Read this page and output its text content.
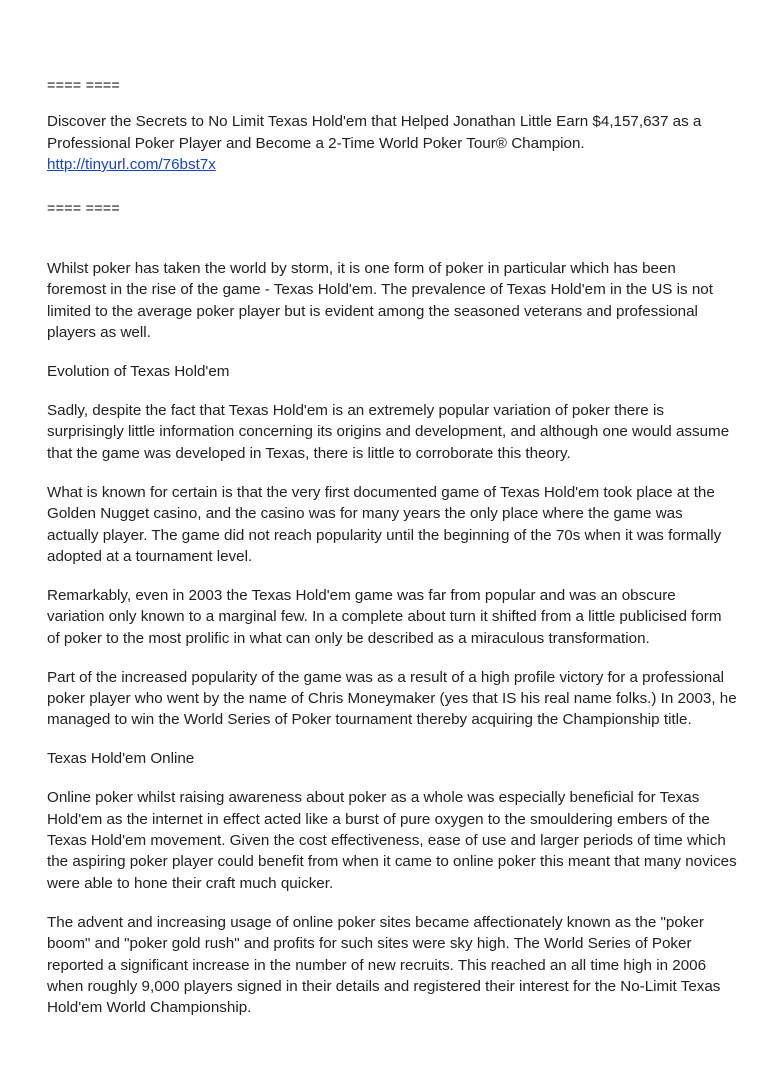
==== ====

Discover the Secrets to No Limit Texas Hold'em that Helped Jonathan Little Earn $4,157,637 as a Professional Poker Player and Become a 2-Time World Poker Tour® Champion.
http://tinyurl.com/76bst7x

==== ====

Whilst poker has taken the world by storm, it is one form of poker in particular which has been foremost in the rise of the game - Texas Hold'em. The prevalence of Texas Hold'em in the US is not limited to the average poker player but is evident among the seasoned veterans and professional players as well.

Evolution of Texas Hold'em

Sadly, despite the fact that Texas Hold'em is an extremely popular variation of poker there is surprisingly little information concerning its origins and development, and although one would assume that the game was developed in Texas, there is little to corroborate this theory.

What is known for certain is that the very first documented game of Texas Hold'em took place at the Golden Nugget casino, and the casino was for many years the only place where the game was actually player. The game did not reach popularity until the beginning of the 70s when it was formally adopted at a tournament level.

Remarkably, even in 2003 the Texas Hold'em game was far from popular and was an obscure variation only known to a marginal few. In a complete about turn it shifted from a little publicised form of poker to the most prolific in what can only be described as a miraculous transformation.

Part of the increased popularity of the game was as a result of a high profile victory for a professional poker player who went by the name of Chris Moneymaker (yes that IS his real name folks.) In 2003, he managed to win the World Series of Poker tournament thereby acquiring the Championship title.

Texas Hold'em Online

Online poker whilst raising awareness about poker as a whole was especially beneficial for Texas Hold'em as the internet in effect acted like a burst of pure oxygen to the smouldering embers of the Texas Hold'em movement. Given the cost effectiveness, ease of use and larger periods of time which the aspiring poker player could benefit from when it came to online poker this meant that many novices were able to hone their craft much quicker.

The advent and increasing usage of online poker sites became affectionately known as the "poker boom" and "poker gold rush" and profits for such sites were sky high. The World Series of Poker reported a significant increase in the number of new recruits. This reached an all time high in 2006 when roughly 9,000 players signed in their details and registered their interest for the No-Limit Texas Hold'em World Championship.
